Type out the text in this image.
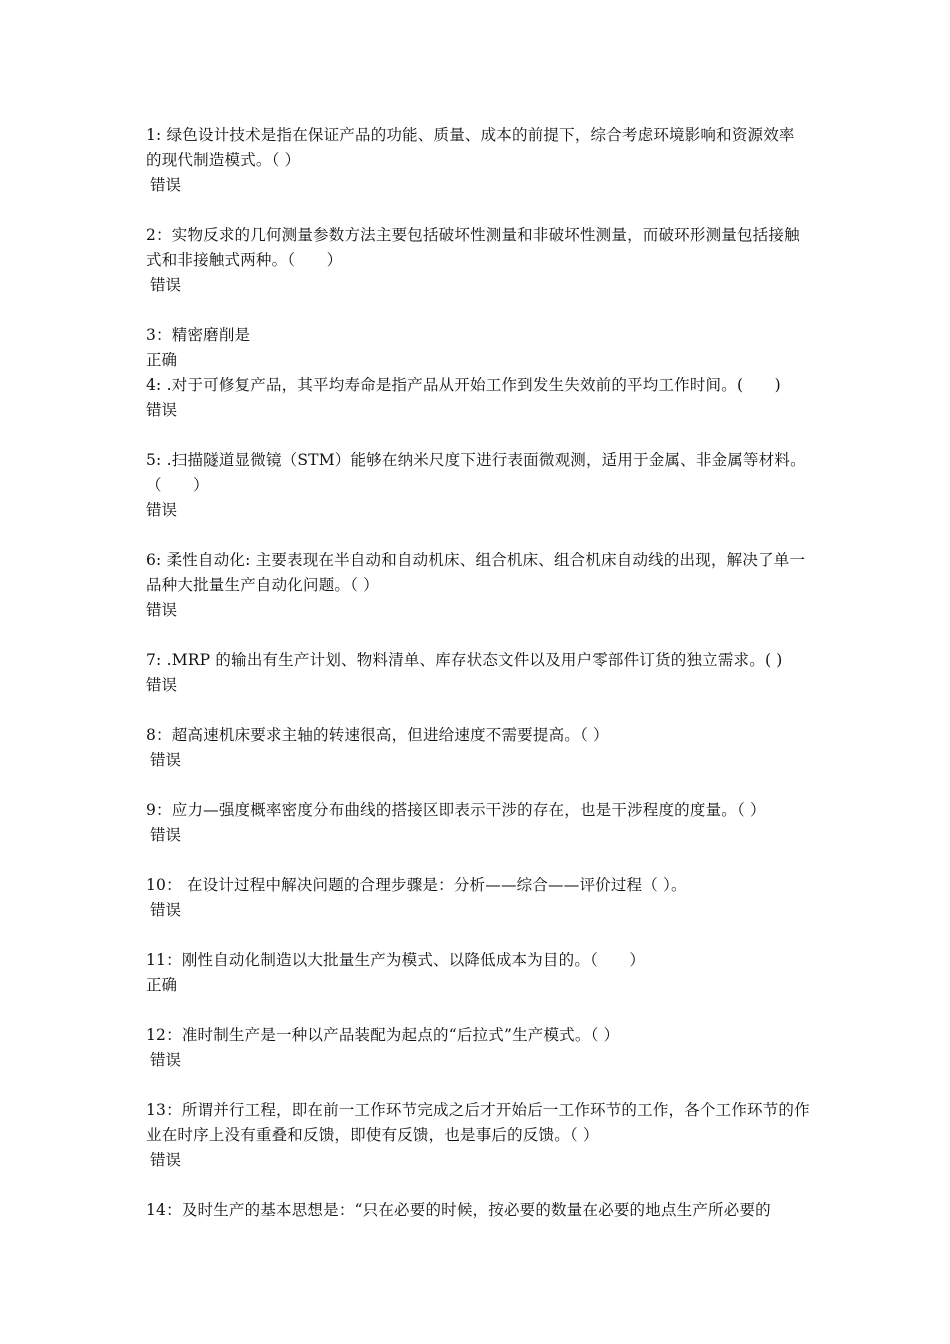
1: 绿色设计技术是指在保证产品的功能、质量、成本的前提下，综合考虑环境影响和资源效率的现代制造模式。（ ）

错误

2：实物反求的几何测量参数方法主要包括破坏性测量和非破坏性测量，而破环形测量包括接触式和非接触式两种。（　　）

错误

3：精密磨削是

正确

4: .对于可修复产品，其平均寿命是指产品从开始工作到发生失效前的平均工作时间。(　　)

错误

5: .扫描隧道显微镜（STM）能够在纳米尺度下进行表面微观测，适用于金属、非金属等材料。（　　）

错误

6: 柔性自动化: 主要表现在半自动和自动机床、组合机床、组合机床自动线的出现，解决了单一品种大批量生产自动化问题。（ ）

错误

7: .MRP 的输出有生产计划、物料清单、库存状态文件以及用户零部件订货的独立需求。( )

错误

8：超高速机床要求主轴的转速很高，但进给速度不需要提高。（ ）

错误

9：应力—强度概率密度分布曲线的搭接区即表示干涉的存在，也是干涉程度的度量。（ ）

错误

10： 在设计过程中解决问题的合理步骤是：分析——综合——评价过程（ ）。

错误

11：刚性自动化制造以大批量生产为模式、以降低成本为目的。（　　）

正确

12：准时制生产是一种以产品装配为起点的“后拉式”生产模式。（ ）

错误

13：所谓并行工程，即在前一工作环节完成之后才开始后一工作环节的工作，各个工作环节的作业在时序上没有重叠和反馈，即使有反馈，也是事后的反馈。（ ）

错误

14：及时生产的基本思想是：“只在必要的时候，按必要的数量在必要的地点生产所必要的
